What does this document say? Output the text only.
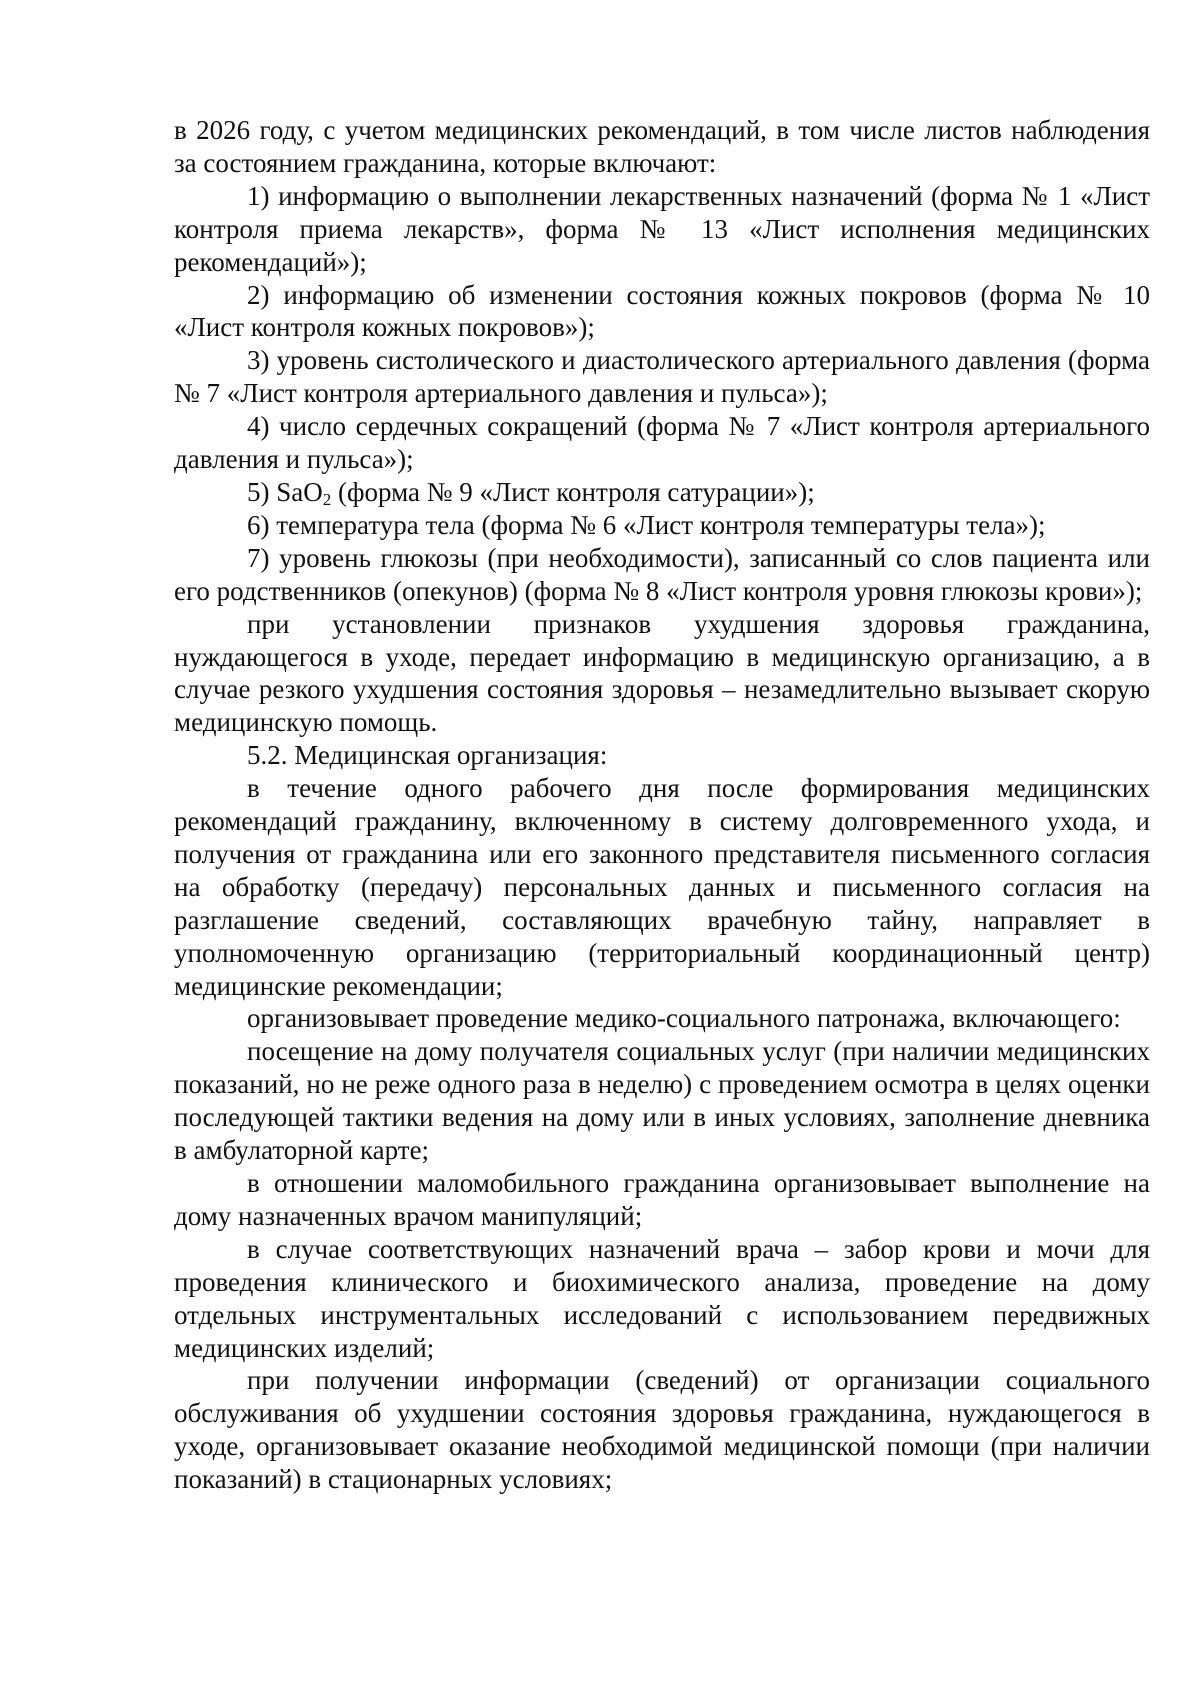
в 2026 году, с учетом медицинских рекомендаций, в том числе листов наблюдения за состоянием гражданина, которые включают:

1) информацию о выполнении лекарственных назначений (форма № 1 «Лист контроля приема лекарств», форма № 13 «Лист исполнения медицинских рекомендаций»);

2) информацию об изменении состояния кожных покровов (форма № 10 «Лист контроля кожных покровов»);

3) уровень систолического и диастолического артериального давления (форма № 7 «Лист контроля артериального давления и пульса»);

4) число сердечных сокращений (форма № 7 «Лист контроля артериального давления и пульса»);

5) SaO$_2$ (форма № 9 «Лист контроля сатурации»);

6) температура тела (форма № 6 «Лист контроля температуры тела»);

7) уровень глюкозы (при необходимости), записанный со слов пациента или его родственников (опекунов) (форма № 8 «Лист контроля уровня глюкозы крови»);

при установлении признаков ухудшения здоровья гражданина, нуждающегося в уходе, передает информацию в медицинскую организацию, а в случае резкого ухудшения состояния здоровья – незамедлительно вызывает скорую медицинскую помощь.

5.2. Медицинская организация:

в течение одного рабочего дня после формирования медицинских рекомендаций гражданину, включенному в систему долговременного ухода, и получения от гражданина или его законного представителя письменного согласия на обработку (передачу) персональных данных и письменного согласия на разглашение сведений, составляющих врачебную тайну, направляет в уполномоченную организацию (территориальный координационный центр) медицинские рекомендации;

организовывает проведение медико-социального патронажа, включающего:

посещение на дому получателя социальных услуг (при наличии медицинских показаний, но не реже одного раза в неделю) с проведением осмотра в целях оценки последующей тактики ведения на дому или в иных условиях, заполнение дневника в амбулаторной карте;

в отношении маломобильного гражданина организовывает выполнение на дому назначенных врачом манипуляций;

в случае соответствующих назначений врача – забор крови и мочи для проведения клинического и биохимического анализа, проведение на дому отдельных инструментальных исследований с использованием передвижных медицинских изделий;

при получении информации (сведений) от организации социального обслуживания об ухудшении состояния здоровья гражданина, нуждающегося в уходе, организовывает оказание необходимой медицинской помощи (при наличии показаний) в стационарных условиях;
